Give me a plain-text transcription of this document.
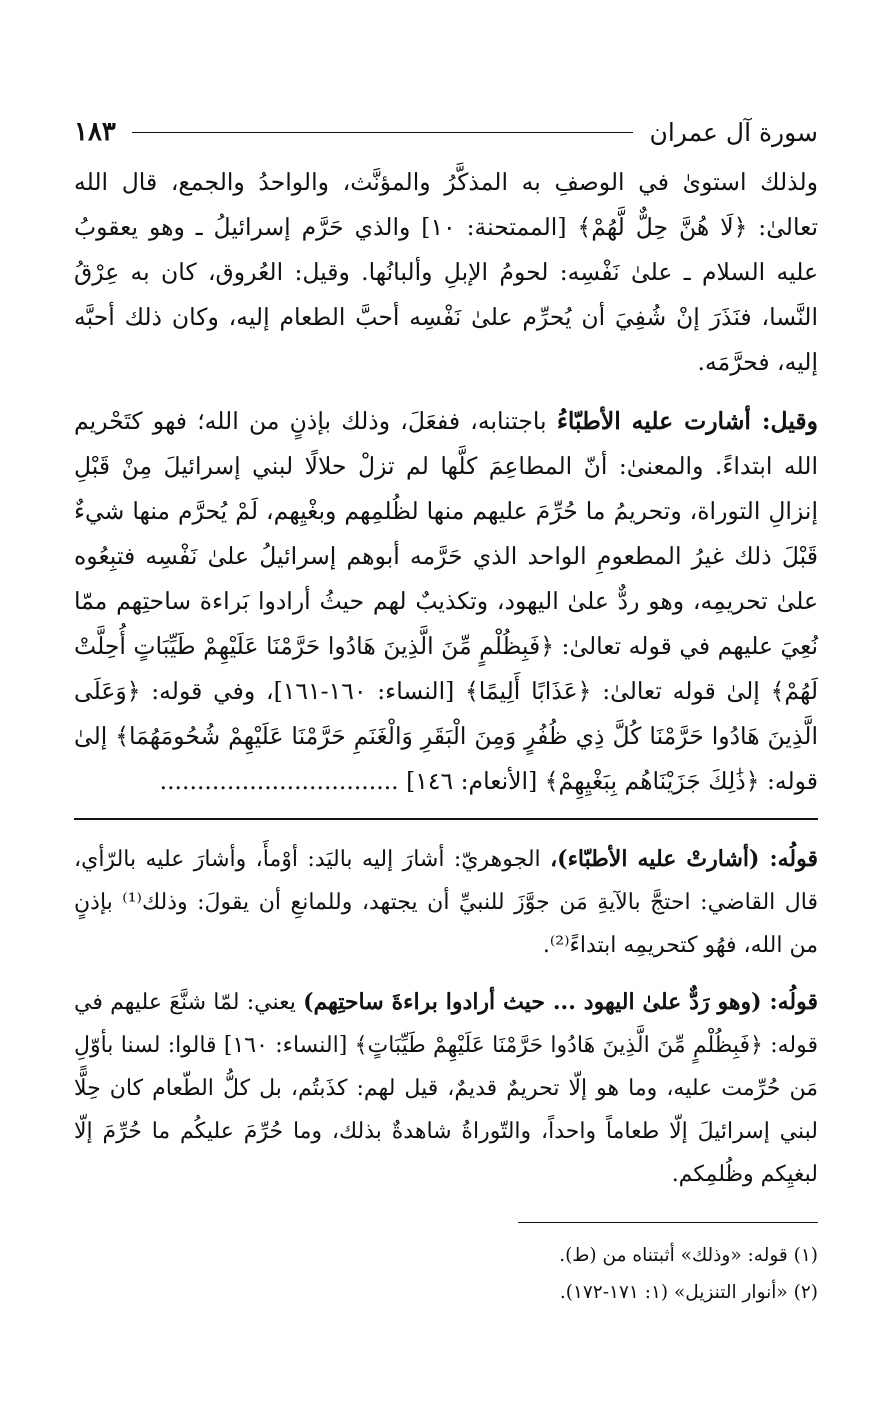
سورة آل عمران
١٨٣

ولذلك استوىٰ في الوصفِ به المذكَّرُ والمؤنَّث، والواحدُ والجمع، قال الله تعالىٰ: ﴿لَا هُنَّ حِلٌّ لَّهُمْ﴾ [الممتحنة: ١٠] والذي حَرَّم إسرائيلُ ـ وهو يعقوبُ عليه السلام ـ علىٰ نَفْسِه: لحومُ الإبلِ وألبانُها. وقيل: العُروق، كان به عِرْقُ النَّسا، فنَذَرَ إنْ شُفِيَ أن يُحرِّم علىٰ نَفْسِه أحبَّ الطعام إليه، وكان ذلك أحبَّه إليه، فحرَّمَه.

وقيل: أشارت عليه الأطبّاءُ باجتنابه، ففعَلَ، وذلك بإذنٍ من الله؛ فهو كتَحْريم الله ابتداءً. والمعنىٰ: أنّ المطاعِمَ كلَّها لم تزلْ حلالًا لبني إسرائيلَ مِنْ قَبْلِ إنزالِ التوراة، وتحريمُ ما حُرِّمَ عليهم منها لظُلمِهم وبغْيِهم، لَمْ يُحرَّم منها شيءٌ قَبْلَ ذلك غيرُ المطعومِ الواحد الذي حَرَّمه أبوهم إسرائيلُ علىٰ نَفْسِه فتبِعُوه علىٰ تحريمِه، وهو ردٌّ علىٰ اليهود، وتكذيبٌ لهم حيثُ أرادوا بَراءة ساحتِهم ممّا نُعِيَ عليهم في قوله تعالىٰ: ﴿فَبِظُلْمٍ مِّنَ الَّذِينَ هَادُوا حَرَّمْنَا عَلَيْهِمْ طَيِّبَاتٍ أُحِلَّتْ لَهُمْ﴾ إلىٰ قوله تعالىٰ: ﴿عَذَابًا أَلِيمًا﴾ [النساء: ١٦٠-١٦١]، وفي قوله: ﴿وَعَلَى الَّذِينَ هَادُوا حَرَّمْنَا كُلَّ ذِي ظُفُرٍ وَمِنَ الْبَقَرِ وَالْغَنَمِ حَرَّمْنَا عَلَيْهِمْ شُحُومَهُمَا﴾ إلىٰ قوله: ﴿ذَٰلِكَ جَزَيْنَاهُم بِبَغْيِهِمْ﴾ [الأنعام: ١٤٦] ................................

قولُه: (أشارتْ عليه الأطبّاء)، الجوهريّ: أشارَ إليه باليَد: أوْمأَ، وأشارَ عليه بالرّأي، قال القاضي: احتجَّ بالآيةِ مَن جوَّزَ للنبيِّ أن يجتهد، وللمانعِ أن يقولَ: وذلك⁽¹⁾ بإذنٍ من الله، فهُو كتحريمِه ابتداءً⁽²⁾.

قولُه: (وهو رَدٌّ علىٰ اليهود ... حيث أرادوا براءةَ ساحتِهم) يعني: لمّا شنَّعَ عليهم في قوله: ﴿فَبِظُلْمٍ مِّنَ الَّذِينَ هَادُوا حَرَّمْنَا عَلَيْهِمْ طَيِّبَاتٍ﴾ [النساء: ١٦٠] قالوا: لسنا بأوّلِ مَن حُرِّمت عليه، وما هو إلّا تحريمٌ قديمٌ، قيل لهم: كذَبتُم، بل كلُّ الطّعام كان حِلًّا لبني إسرائيلَ إلّا طعاماً واحداً، والتّوراةُ شاهدةٌ بذلك، وما حُرِّمَ عليكُم ما حُرِّمَ إلّا لبغيِكم وظُلمِكم.

(١) قوله: «وذلك» أثبتناه من (ط).

(٢) «أنوار التنزيل» (١: ١٧١-١٧٢).
